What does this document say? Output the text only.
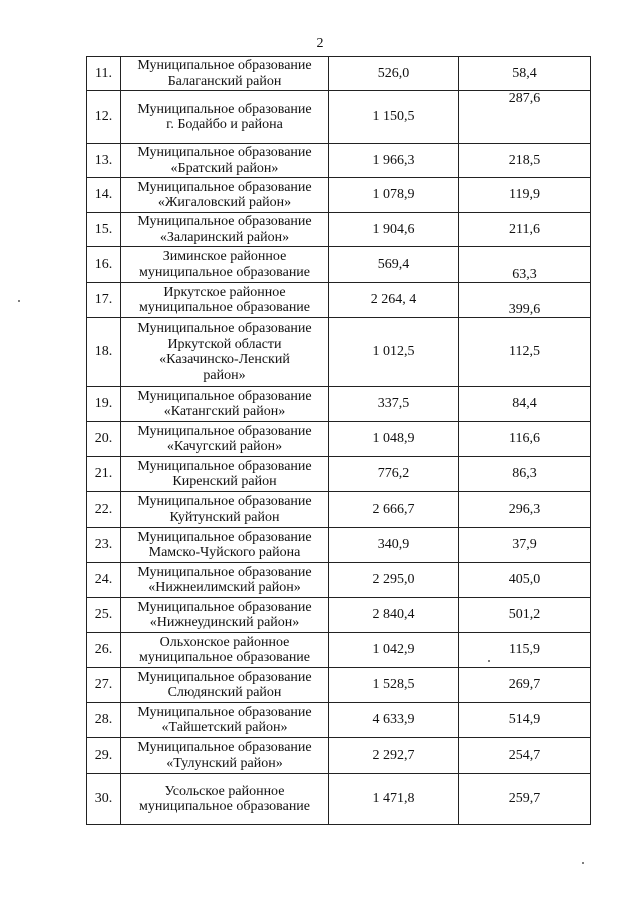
2
11.	Муниципальное образование
Балаганский район	526,0	58,4
12.	Муниципальное образование
г. Бодайбо и района	1 150,5	287,6
13.	Муниципальное образование
«Братский район»	1 966,3	218,5
14.	Муниципальное образование
«Жигаловский район»	1 078,9	119,9
15.	Муниципальное образование
«Заларинский район»	1 904,6	211,6
16.	Зиминское районное
муниципальное образование	569,4	63,3
17.	Иркутское районное
муниципальное образование	2 264, 4	399,6
18.	Муниципальное образование
Иркутской области
«Казачинско-Ленский
район»	1 012,5	112,5
19.	Муниципальное образование
«Катангский район»	337,5	84,4
20.	Муниципальное образование
«Качугский район»	1 048,9	116,6
21.	Муниципальное образование
Киренский район	776,2	86,3
22.	Муниципальное образование
Куйтунский район	2 666,7	296,3
23.	Муниципальное образование
Мамско-Чуйского района	340,9	37,9
24.	Муниципальное образование
«Нижнеилимский район»	2 295,0	405,0
25.	Муниципальное образование
«Нижнеудинский район»	2 840,4	501,2
26.	Ольхонское районное
муниципальное образование	1 042,9	115,9
27.	Муниципальное образование
Слюдянский район	1 528,5	269,7
28.	Муниципальное образование
«Тайшетский район»	4 633,9	514,9
29.	Муниципальное образование
«Тулунский район»	2 292,7	254,7
30.	Усольское районное
муниципальное образование	1 471,8	259,7
